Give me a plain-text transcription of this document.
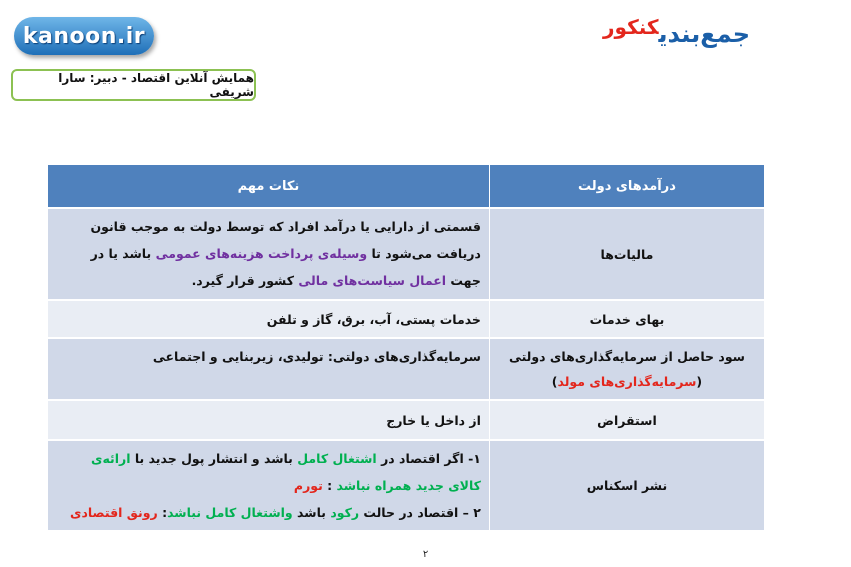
kanoon.ir	جمع‌بندیکنکور
همایش آنلاین اقتصاد - دبیر: سارا شریفی
درآمدهای دولت	نکات مهم
مالیات‌ها	قسمتی از دارایی یا درآمد افراد که توسط دولت به موجب قانون دریافت می‌شود تا وسیله‌ی پرداخت هزینه‌های عمومی باشد یا در جهت اعمال سیاست‌های مالی کشور قرار گیرد.
بهای خدمات	خدمات پستی، آب، برق، گاز و تلفن
سود حاصل از سرمایه‌گذاری‌های دولتی
(سرمایه‌گذاری‌های مولد)	سرمایه‌گذاری‌های دولتی: تولیدی، زیربنایی و اجتماعی
استقراض	از داخل یا خارج
نشر اسکناس	۱- اگر اقتصاد در اشتغال کامل باشد و انتشار پول جدید با ارائه‌ی کالای جدید همراه نباشد : تورم
۲ – اقتصاد در حالت رکود باشد واشتغال کامل نباشد: رونق اقتصادی
۲
